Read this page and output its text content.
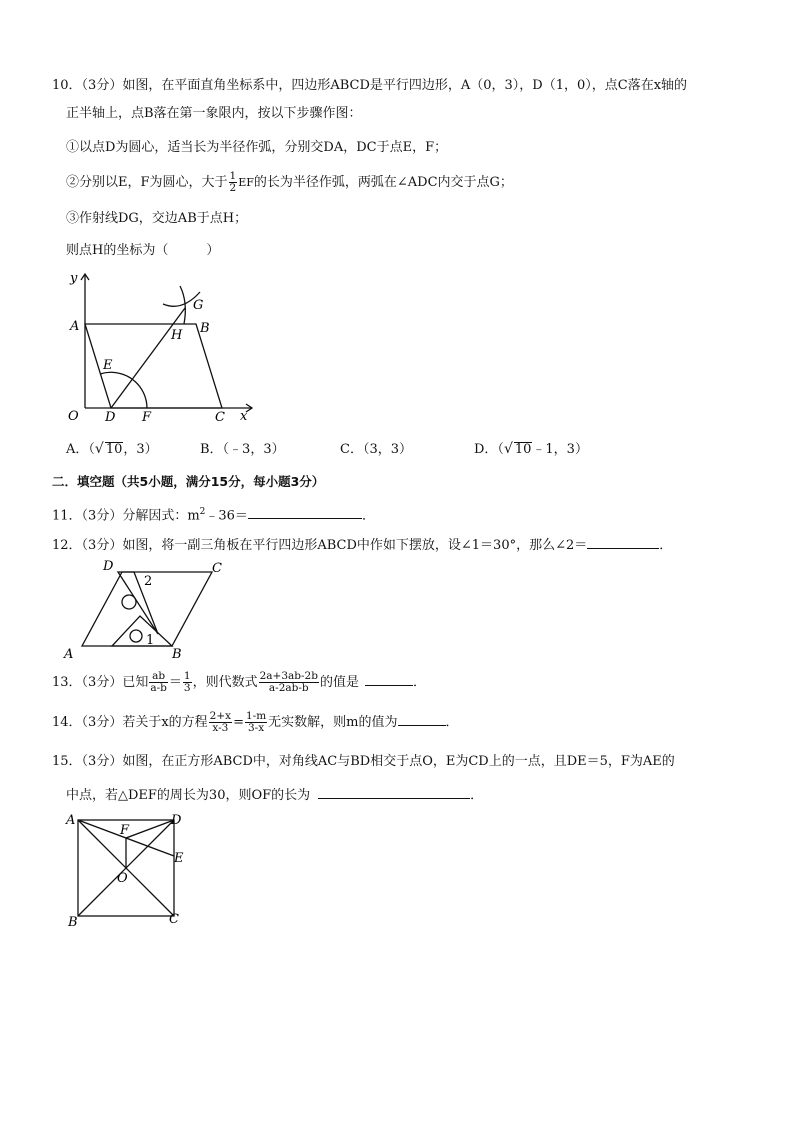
10．（3分）如图，在平面直角坐标系中，四边形ABCD是平行四边形，A（0，3），D（1，0），点C落在x轴的
正半轴上，点B落在第一象限内，按以下步骤作图：
①以点D为圆心，适当长为半径作弧，分别交DA，DC于点E，F；
②分别以E，F为圆心，大于 $\frac{1}{2}$ EF的长为半径作弧，两弧在∠ADC内交于点G；
③作射线DG，交边AB于点H；
则点H的坐标为（	）
y
x
O
A	B
C
D
E
F
G
H
A．（√ 10，3）	B．（﹣3，3）	C．（3，3）	D．（√ 10﹣1，3）
二．填空题（共5小题，满分15分，每小题3分）
11．（3分）分解因式：$m^2﹣36=$	．
12．（3分）如图，将一副三角板在平行四边形ABCD中作如下摆放，设∠1＝30°，那么∠2＝	．
A	B
C
D
2
1
13．（3分）已知 $\frac{ab}{a-b} = \frac{1}{3}$ ，则代数式 $\frac{2a+3ab-2b}{a-2ab-b}$ 的值是	．
14．（3分）若关于x的方程 $\frac{2+x}{x-3} = \frac{1-m}{3-x}$ 无实数解，则m的值为	．
15．（3分）如图，在正方形ABCD中，对角线AC与BD相交于点O，E为CD上的一点，且DE＝5，F为AE的
中点，若△DEF的周长为30，则OF的长为	．
A	D
B	C
E
F
O
